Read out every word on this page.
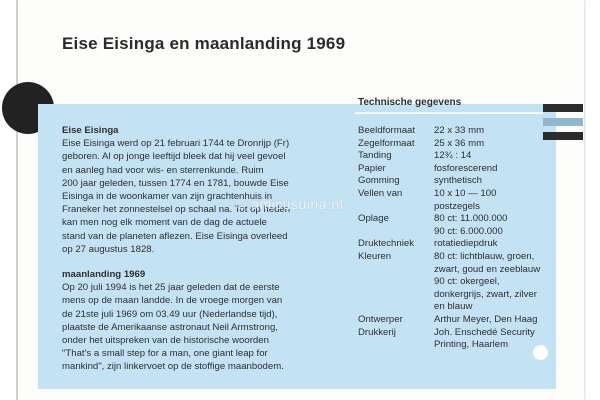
Eise Eisinga en maanlanding 1969
Eise Eisinga

Eise Eisinga werd op 21 februari 1744 te Dronrijp (Fr)
geboren. Al op jonge leeftijd bleek dat hij veel gevoel
en aanleg had voor wis- en sterrenkunde. Ruim
200 jaar geleden, tussen 1774 en 1781, bouwde Eise
Eisinga in de woonkamer van zijn grachtenhuis in
Franeker het zonnestelsel op schaal na. Tot op heden
kan men nog elk moment van de dag de actuele
stand van de planeten aflezen. Eise Eisinga overleed
op 27 augustus 1828.

maanlanding 1969

Op 20 juli 1994 is het 25 jaar geleden dat de eerste
mens op de maan landde. In de vroege morgen van
de 21ste juli 1969 om 03.49 uur (Nederlandse tijd),
plaatste de Amerikaanse astronaut Neil Armstrong,
onder het uitspreken van de historische woorden
"That's a small step for a man, one giant leap for
mankind", zijn linkervoet op de stoffige maanbodem.

Technische gegevens
Beeldformaat	22 x 33 mm
Zegelformaat	25 x 36 mm
Tanding	12¾ : 14
Papier	fosforescerend
Gomming	synthetisch
Vellen van	10 x 10 — 100 postzegels
Oplage	80 ct: 11.000.000
90 ct: 6.000.000
Druktechniek	rotatiediepdruk
Kleuren	80 ct: lichtblauw, groen,
zwart, goud en zeeblauw
90 ct: okergeel,
donkergrijs, zwart, zilver
en blauw
Ontwerper	Arthur Meyer, Den Haag
Drukkerij	Joh. Enschedé Security
Printing, Haarlem
© amicusuina.nl
